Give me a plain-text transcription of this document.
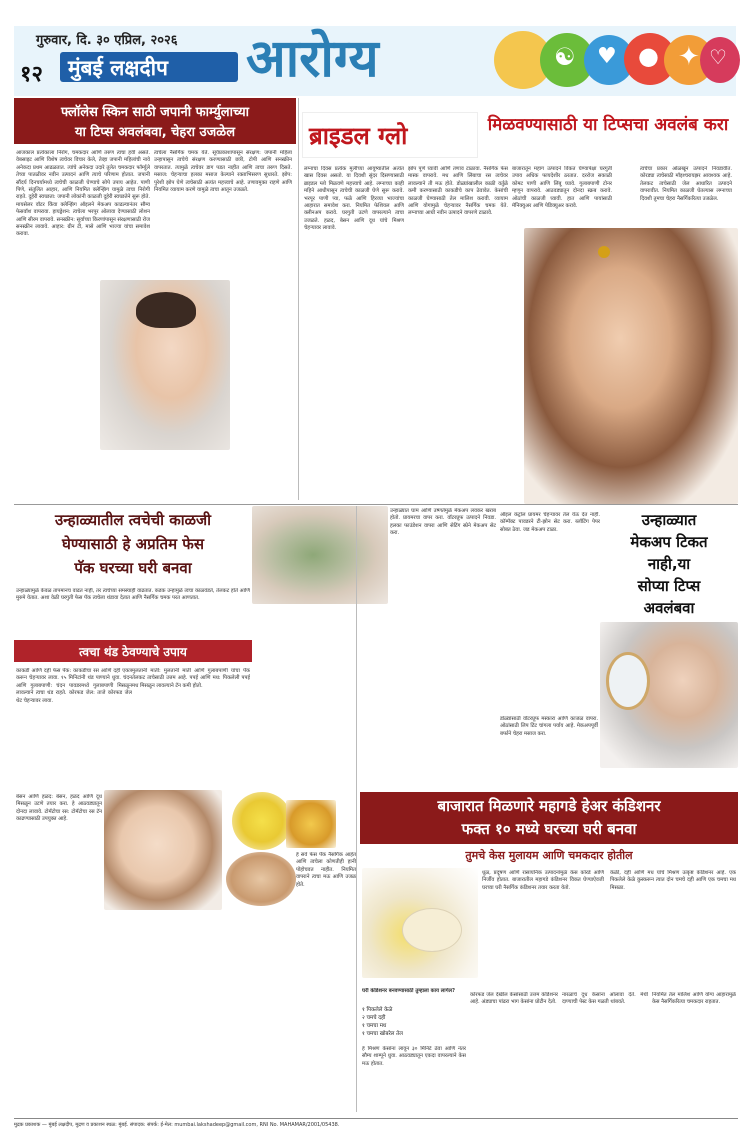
गुरुवार, दि. ३० एप्रिल, २०२६
१२ मुंबई लक्षदीप आरोग्य	☯ ♥ ● ✦ ♡
फ्लॉलेस स्किन साठी जपानी फार्म्युलाच्या
या टिप्स अवलंबवा, चेहरा उजळेल
आजकाल प्रत्येकाला निरोग, चमकदार आणि तरुण त्वचा हवी असते. वेबसाइट आणि विशेष त्वचेवर विचार केले, तेव्हा जपानी महिलांची नावे अनेकदा प्रथम आढळतात. त्यांचे अनेकदा उदारे तुलेत चमकदार फॉर्म्युले तेच्या पातळीवर नवीन उत्पादनं आणि त्याचे परिणाम होतात. जपानी सौंदर्य दिनचर्यामध्ये त्वचेची काळजी घेण्याचे सोपे उपाय आहेत. पाणी पिणे, संतुलित आहार, आणि नियमित क्लेन्झिंग यामुळे त्वचा निरोगी राहते. दुहेरी स्वच्छता: जपानी लोकांनी काळजी दुहेरी स्वच्छतेने सुरू होते. मायसेलर वॉटर किंवा क्लेन्झिंग ऑइलने मेकअप काढल्यानंतर सौम्य फेसवॉश वापरावा. हायड्रेशन: त्वचेला भरपूर ओलावा देण्यासाठी लोशन आणि सीरम वापरावे. सनस्क्रीन: सूर्याच्या किरणांपासून संरक्षणासाठी रोज सनस्क्रीन लावावे. आहार: ग्रीन टी, मासे आणि भाज्या यांचा समावेश करावा.
त्वचेला नैसर्गिक चमक येते. सूर्यप्रकाशापासून संरक्षण: जपानी महिला उन्हापासून त्वचेचे संरक्षण करण्यासाठी छत्री, टोपी आणि सनस्क्रीन वापरतात. त्यामुळे त्वचेवर डाग पडत नाहीत आणि त्वचा तरुण दिसते. मसाज: चेहऱ्याचा हलका मसाज केल्याने रक्ताभिसरण सुधारते. झोप: पुरेशी झोप घेणे त्वचेसाठी अत्यंत महत्त्वाचे आहे. तणावमुक्त राहणे आणि नियमित व्यायाम करणे यामुळे त्वचा आतून उजळते.
ब्राइडल ग्लो	मिळवण्यासाठी या टिप्सचा अवलंब करा
लग्नाचा दिवस प्रत्येक मुलीच्या आयुष्यातील अत्यंत खास दिवस असतो. या दिवशी सुंदर दिसण्यासाठी ब्राइडल ग्लो मिळवणे महत्त्वाचे आहे. लग्नाच्या काही महिने आधीपासून त्वचेची काळजी घेणे सुरू करावे. भरपूर पाणी प्या, फळे आणि हिरव्या भाज्यांचा आहारात समावेश करा. नियमित फेशियल आणि क्लीनअप करावे. घरगुती उटणे वापरल्याने त्वचा उजळते. हळद, बेसन आणि दूध यांचे मिश्रण चेहऱ्यावर लावावे.
झोप पूर्ण घ्यावी आणि तणाव टाळावा. नैसर्गिक फेस मास्क वापरावे. मध आणि लिंबाचा रस त्वचेवर लावल्याने ती मऊ होते. डोळ्यांखालील काळी वर्तुळे कमी करण्यासाठी काकडीचे काप ठेवावेत. केसांची काळजी घेण्यासाठी तेल मालिश करावी. व्यायाम आणि योगामुळे चेहऱ्यावर नैसर्गिक चमक येते. लग्नाच्या आधी नवीन उत्पादने वापरणे टाळावे.
बाजारातून महाग उत्पादने विकत घेण्यापेक्षा घरगुती उपाय अधिक फायदेशीर ठरतात. दररोज सकाळी कोमट पाणी आणि लिंबू घ्यावे. गुलाबपाणी टोनर म्हणून वापरावे. आठवड्यातून दोनदा स्क्रब करावे. ओठांची काळजी घ्यावी. हात आणि पायांसाठी मॅनिक्युअर आणि पेडिक्युअर करावे.
त्वचेचा प्रकार ओळखून उत्पादने निवडावीत. कोरड्या त्वचेसाठी मॉइश्चरायझर आवश्यक आहे. तेलकट त्वचेसाठी जेल आधारित उत्पादने वापरावीत. नियमित काळजी घेतल्यास लग्नाच्या दिवशी तुमचा चेहरा नैसर्गिकरित्या उजळेल.
उन्हाळ्यातील त्वचेची काळजी
घेण्यासाठी हे अप्रतिम फेस
पॅक घरच्या घरी बनवा
उन्हाळ्यामुळे केवळ तापमानच वाढत नाही, तर त्वचेच्या समस्याही वाढतात. कडक उन्हामुळे त्वचा काळवंडते, तेलकट होते आणि मुरुमे येतात. अशा वेळी घरगुती फेस पॅक त्वचेला थंडावा देतात आणि नैसर्गिक चमक परत आणतात.
त्वचा थंड ठेवण्याचे उपाय
काकडी आणि दही फेस पॅक: काकडीचा रस आणि दही एकत्र करून चेहऱ्यावर लावा. १५ मिनिटांनी थंड पाण्याने धुवा. चंदन आणि गुलाबपाणी: चंदन पावडरमध्ये गुलाबपाणी मिसळून लावल्याने त्वचा थंड राहते. कोरफड जेल: ताजे कोरफड जेल थेट चेहऱ्यावर लावा.
मुलतानी माती: मुलतानी माती आणि गुलाबपाणी यांचा पॅक तेलकट त्वचेसाठी उत्तम आहे. पपई आणि मध: पिकलेली पपई मध मिसळून लावल्याने टॅन कमी होतो.
बेसन आणि हळद: बेसन, हळद आणि दूध मिसळून उटणे तयार करा. हे आठवड्यातून दोनदा लावावे. टोमॅटोचा रस: टोमॅटोचा रस टॅन काढण्यासाठी उपयुक्त आहे.
हे सर्व फेस पॅक नैसर्गिक आहेत आणि त्वचेला कोणतीही हानी पोहोचवत नाहीत. नियमित वापराने त्वचा मऊ आणि उजळ होते.
उन्हाळ्यात घाम आणि उष्णतेमुळे मेकअप लवकर खराब होतो. प्रायमरचा वापर करा. वॉटरप्रूफ उत्पादने निवडा. हलका फाउंडेशन वापरा आणि सेटिंग स्प्रेने मेकअप सेट करा.
ऑइल कंट्रोल प्रायमर चेहऱ्यावर तेल येऊ देत नाही. कॉम्पॅक्ट पावडरने टी-झोन सेट करा. ब्लॉटिंग पेपर सोबत ठेवा. जड मेकअप टाळा.
उन्हाळ्यात
मेकअप टिकत
नाही,या
सोप्या टिप्स
अवलंबवा
डोळ्यांसाठी वॉटरप्रूफ मस्कारा आणि काजळ वापरा. ओठांसाठी लिप टिंट चांगला पर्याय आहे. मेकअपपूर्वी बर्फाने चेहरा मसाज करा.
बाजारात मिळणारे महागडे हेअर कंडिशनर
फक्त १० मध्ये घरच्या घरी बनवा
तुमचे केस मुलायम आणि चमकदार होतील
धूळ, प्रदूषण आणि रासायनिक उत्पादनांमुळे केस कोरडे आणि निर्जीव होतात. बाजारातील महागडे कंडिशनर विकत घेण्याऐवजी घरच्या घरी नैसर्गिक कंडिशनर तयार करता येतो.
केळी, दही आणि मध यांचे मिश्रण उत्कृष्ट कंडिशनर आहे. एक पिकलेले केळे कुस्करून त्यात दोन चमचे दही आणि एक चमचा मध मिसळा.
घरी कंडिशनर बनवण्यासाठी तुम्हाला काय लागेल?
१ पिकलेले केळे
२ चमचे दही
१ चमचा मध
१ चमचा खोबरेल तेल
हे मिश्रण केसांना लावून ३० मिनिटे ठेवा आणि नंतर सौम्य शाम्पूने धुवा. आठवड्यातून एकदा वापरल्याने केस मऊ होतात.
कोरफड जेल देखील केसांसाठी उत्तम कंडिशनर आहे. अंड्याचा पांढरा भाग केसांना प्रोटीन देतो.
नारळाचे दूध केसांना ओलावा देते. मेथी दाण्याची पेस्ट केस गळती थांबवते.
नियमित तेल मालिश आणि योग्य आहारामुळे केस नैसर्गिकरित्या चमकदार राहतात.
मुद्रक प्रकाशक — मुंबई लक्षदीप, मुद्रण व प्रकाशन स्थळ: मुंबई. संपादक: संपर्क: ई-मेल: mumbai.lakshadeep@gmail.com, RNI No. MAHAMAR/2001/05438.
